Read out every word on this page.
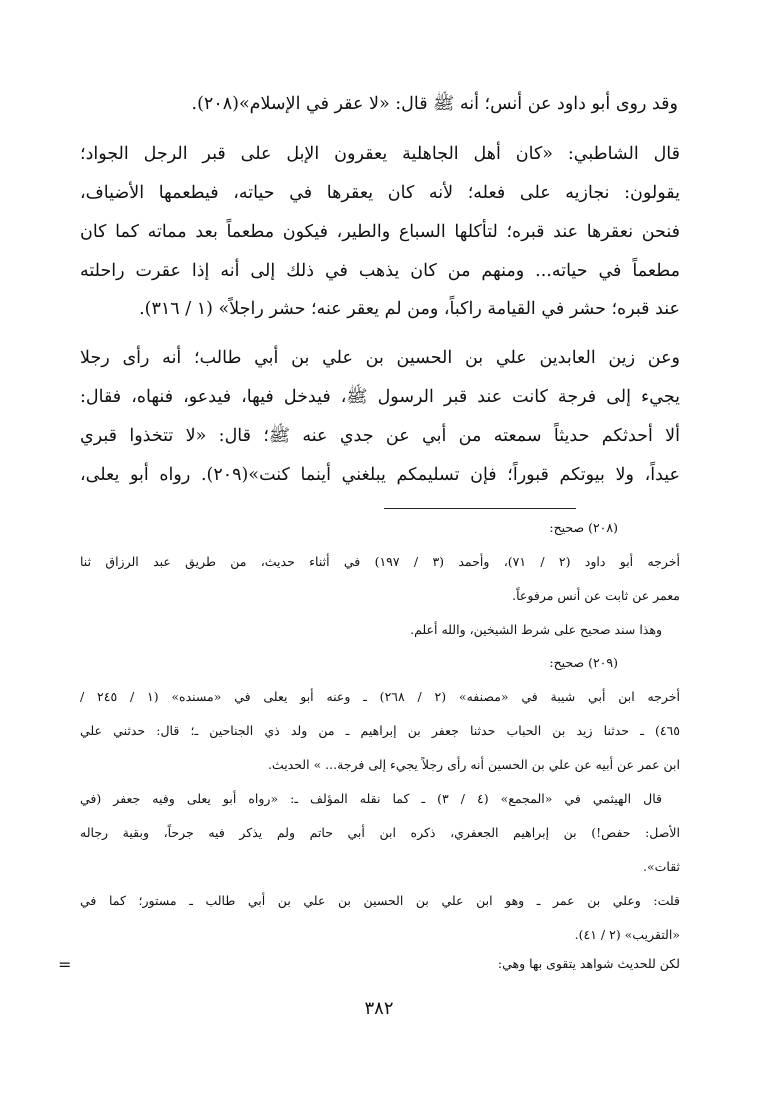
وقد روى أبو داود عن أنس؛ أنه ﷺ قال: «لا عقر في الإسلام»(٢٠٨).
قال الشاطبي: «كان أهل الجاهلية يعقرون الإبل على قبر الرجل الجواد؛
يقولون: نجازيه على فعله؛ لأنه كان يعقرها في حياته، فيطعمها الأضياف،
فنحن نعقرها عند قبره؛ لتأكلها السباع والطير، فيكون مطعماً بعد مماته كما كان
مطعماً في حياته... ومنهم من كان يذهب في ذلك إلى أنه إذا عقرت راحلته
عند قبره؛ حشر في القيامة راكباً، ومن لم يعقر عنه؛ حشر راجلاً» (١ / ٣١٦).
وعن زين العابدين علي بن الحسين بن علي بن أبي طالب؛ أنه رأى رجلا
يجيء إلى فرجة كانت عند قبر الرسول ﷺ، فيدخل فيها، فيدعو، فنهاه، فقال:
ألا أحدثكم حديثاً سمعته من أبي عن جدي عنه ﷺ؛ قال: «لا تتخذوا قبري
عيداً، ولا بيوتكم قبوراً؛ فإن تسليمكم يبلغني أينما كنت»(٢٠٩). رواه أبو يعلى،
(٢٠٨) صحيح:
أخرجه أبو داود (٢ / ٧١)، وأحمد (٣ / ١٩٧) في أثناء حديث، من طريق عبد الرزاق ثنا
معمر عن ثابت عن أنس مرفوعاً.
وهذا سند صحيح على شرط الشيخين، والله أعلم.
(٢٠٩) صحيح:
أخرجه ابن أبي شيبة في «مصنفه» (٢ / ٢٦٨) ـ وعنه أبو يعلى في «مسنده» (١ / ٢٤٥ /
٤٦٥) ـ حدثنا زيد بن الحباب حدثنا جعفر بن إبراهيم ـ من ولد ذي الجناحين ـ؛ قال: حدثني علي
ابن عمر عن أبيه عن علي بن الحسين أنه رأى رجلاً يجيء إلى فرجة... » الحديث.
قال الهيثمي في «المجمع» (٤ / ٣) ـ كما نقله المؤلف ـ: «رواه أبو يعلى وفيه جعفر (في
الأصل: حفص!) بن إبراهيم الجعفري، ذكره ابن أبي حاتم ولم يذكر فيه جرحاً، وبقية رجاله
ثقات».
قلت: وعلي بن عمر ـ وهو ابن علي بن الحسين بن علي بن أبي طالب ـ مستور؛ كما في
«التقريب» (٢ / ٤١).
لكن للحديث شواهد يتقوى بها وهي:
=
٣٨٢
